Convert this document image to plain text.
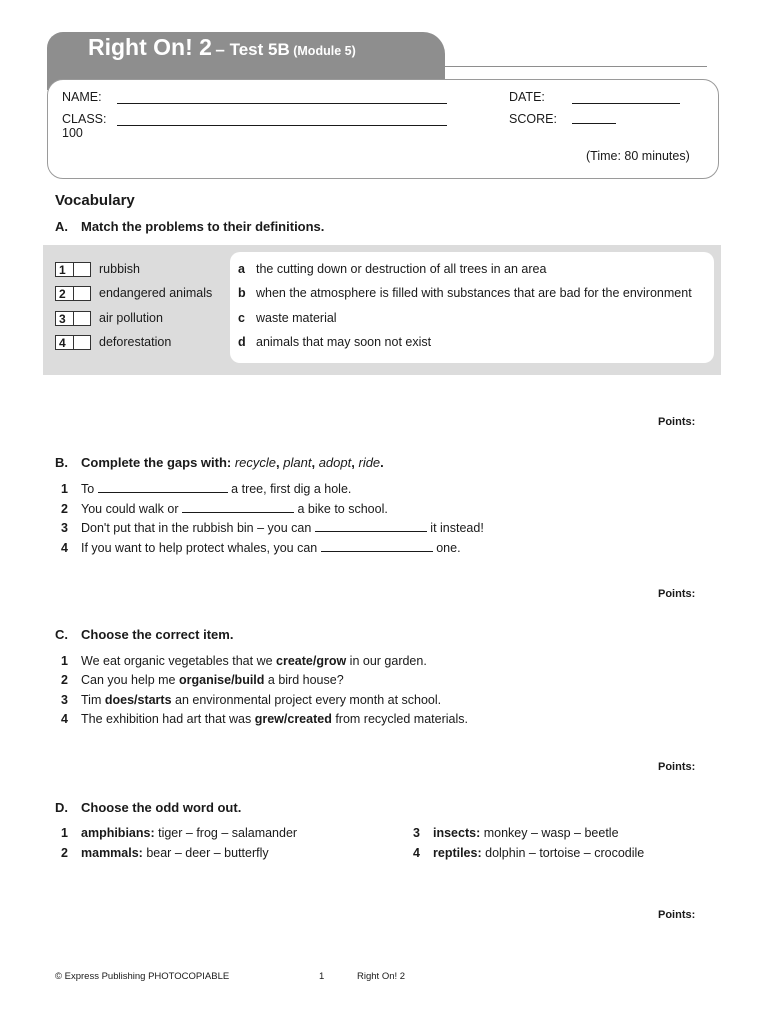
Right On! 2 – Test 5B (Module 5)
NAME:
CLASS:
100
DATE:
SCORE:
(Time: 80 minutes)
Vocabulary
A. Match the problems to their definitions.
1	rubbish
2	endangered animals
3	air pollution
4	deforestation
a the cutting down or destruction of all trees in an area
b when the atmosphere is filled with substances that are bad for the environment
c waste material
d animals that may soon not exist
Points:
B. Complete the gaps with: recycle, plant, adopt, ride.
1 To	a tree, first dig a hole.
2 You could walk or	a bike to school.
3 Don't put that in the rubbish bin – you can	it instead!
4 If you want to help protect whales, you can	one.
Points:
C. Choose the correct item.
1 We eat organic vegetables that we create/grow in our garden.
2 Can you help me organise/build a bird house?
3 Tim does/starts an environmental project every month at school.
4 The exhibition had art that was grew/created from recycled materials.
Points:
D. Choose the odd word out.
1 amphibians: tiger – frog – salamander
2 mammals: bear – deer – butterfly
3 insects: monkey – wasp – beetle
4 reptiles: dolphin – tortoise – crocodile
Points:
© Express Publishing PHOTOCOPIABLE	1	Right On! 2
